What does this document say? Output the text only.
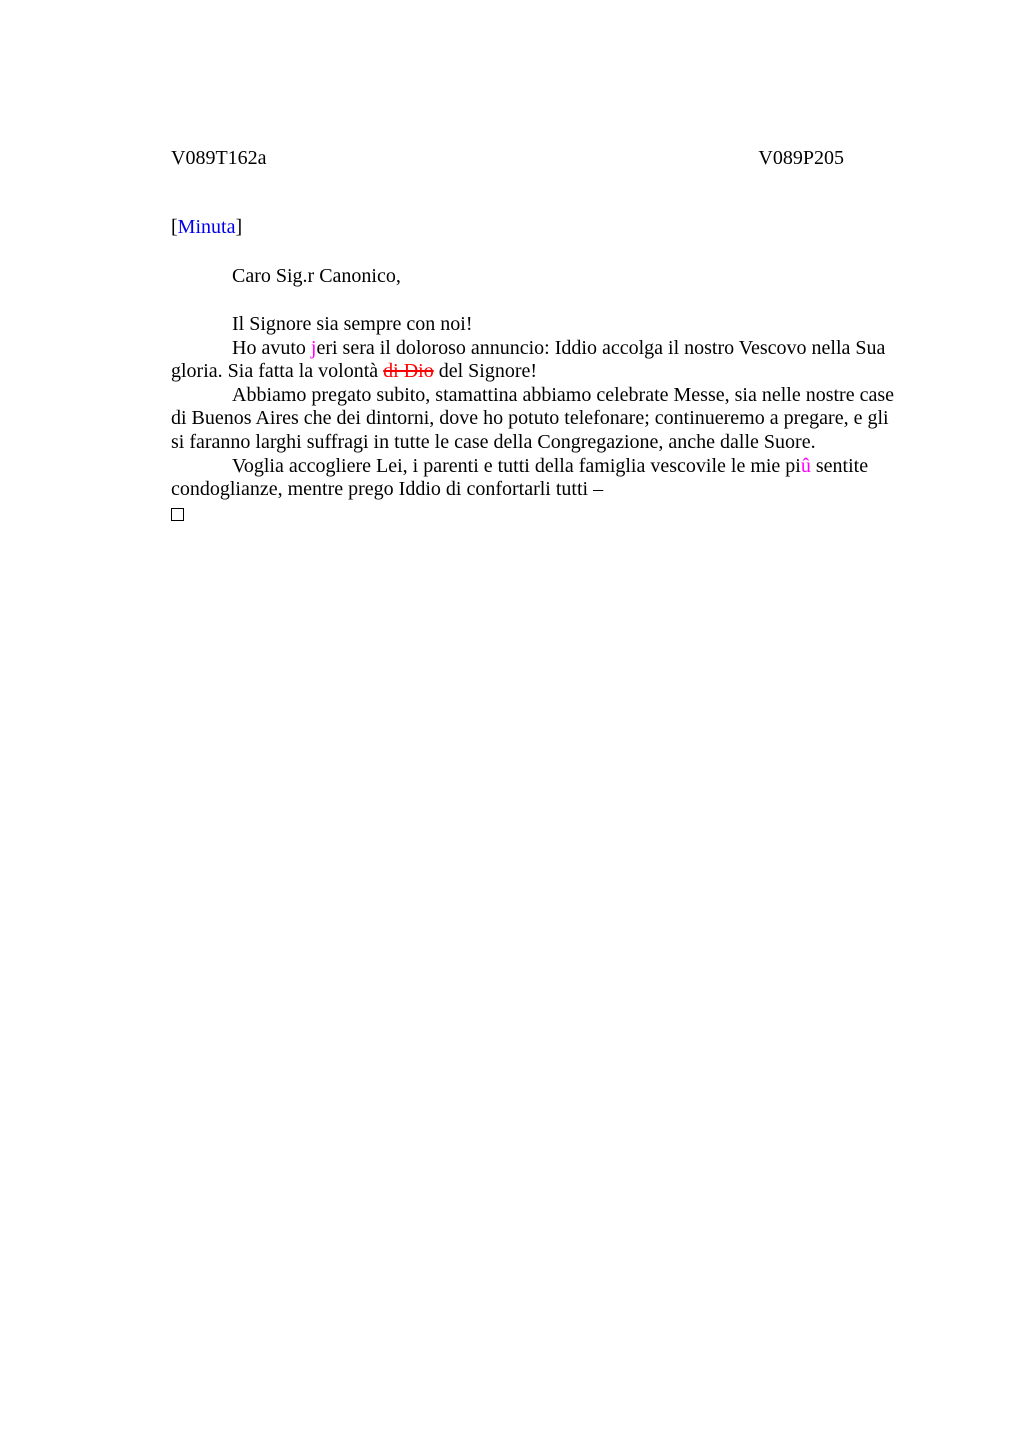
V089T162a	V089P205
[Minuta]
Caro Sig.r Canonico,
Il Signore sia sempre con noi!
Ho avuto jeri sera il doloroso annuncio: Iddio accolga il nostro Vescovo nella Sua
gloria. Sia fatta la volontà di Dio del Signore!
Abbiamo pregato subito, stamattina abbiamo celebrate Messe, sia nelle nostre case
di Buenos Aires che dei dintorni, dove ho potuto telefonare; continueremo a pregare, e gli
si faranno larghi suffragi in tutte le case della Congregazione, anche dalle Suore.
Voglia accogliere Lei, i parenti e tutti della famiglia vescovile le mie piû sentite
condoglianze, mentre prego Iddio di confortarli tutti –
